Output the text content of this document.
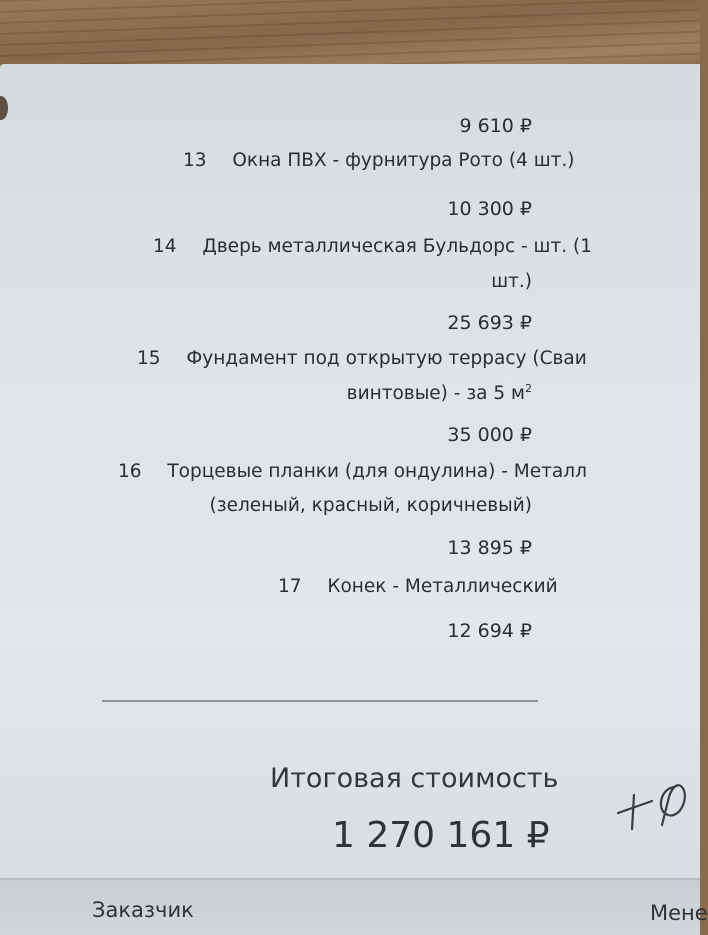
9 610 ₽
13 Окна ПВХ - фурнитура Рото (4 шт.)
10 300 ₽
14 Дверь металлическая Бульдорс - шт. (1
шт.)
25 693 ₽
15 Фундамент под открытую террасу (Сваи
винтовые) - за 5 $м^2$
35 000 ₽
16 Торцевые планки (для ондулина) - Металл
(зеленый, красный, коричневый)
13 895 ₽
17 Конек - Металлический
12 694 ₽
Итоговая стоимость
1 270 161 ₽
Заказчик	Мене
